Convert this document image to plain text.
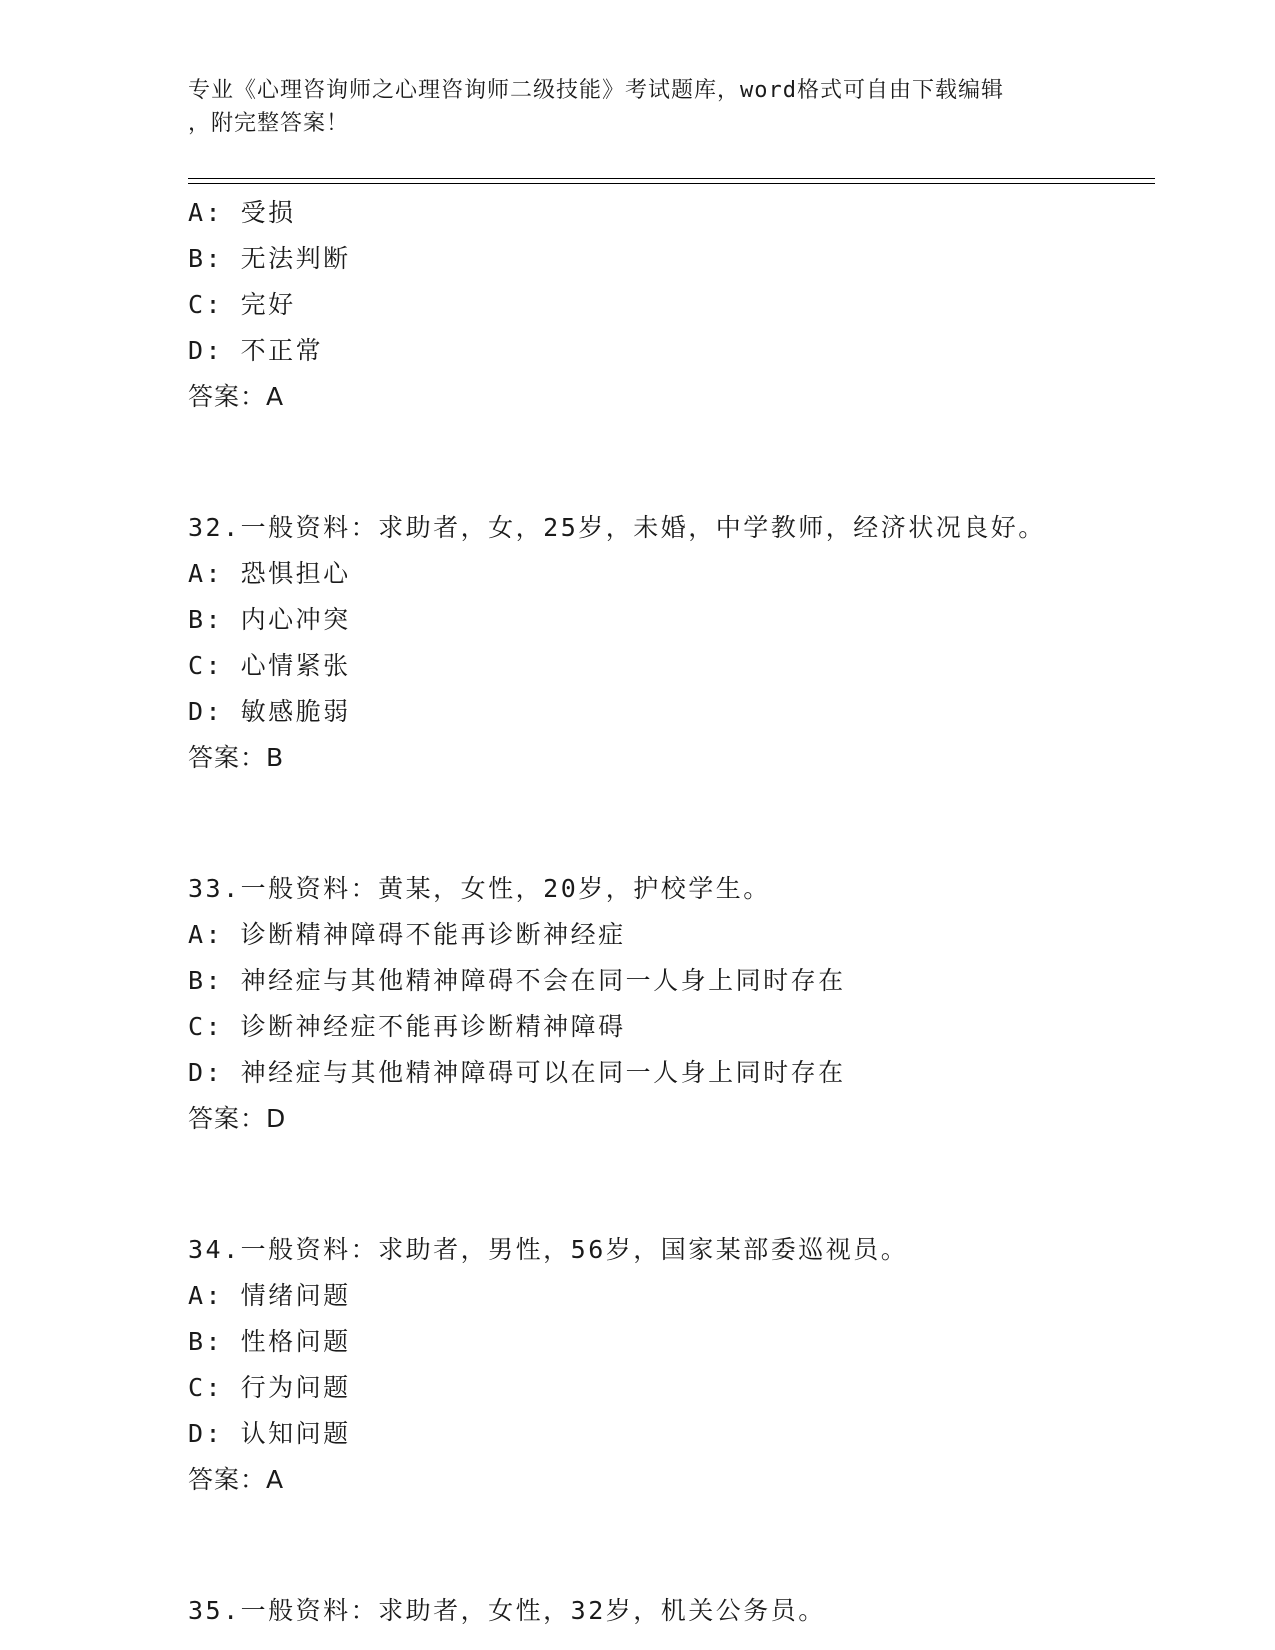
专业《心理咨询师之心理咨询师二级技能》考试题库，word格式可自由下载编辑
，附完整答案！
A: 受损
B: 无法判断
C: 完好
D: 不正常
答案：A
32.一般资料：求助者，女，25岁，未婚，中学教师，经济状况良好。
A: 恐惧担心
B: 内心冲突
C: 心情紧张
D: 敏感脆弱
答案：B
33.一般资料：黄某，女性，20岁，护校学生。
A: 诊断精神障碍不能再诊断神经症
B: 神经症与其他精神障碍不会在同一人身上同时存在
C: 诊断神经症不能再诊断精神障碍
D: 神经症与其他精神障碍可以在同一人身上同时存在
答案：D
34.一般资料：求助者，男性，56岁，国家某部委巡视员。
A: 情绪问题
B: 性格问题
C: 行为问题
D: 认知问题
答案：A
35.一般资料：求助者，女性，32岁，机关公务员。
